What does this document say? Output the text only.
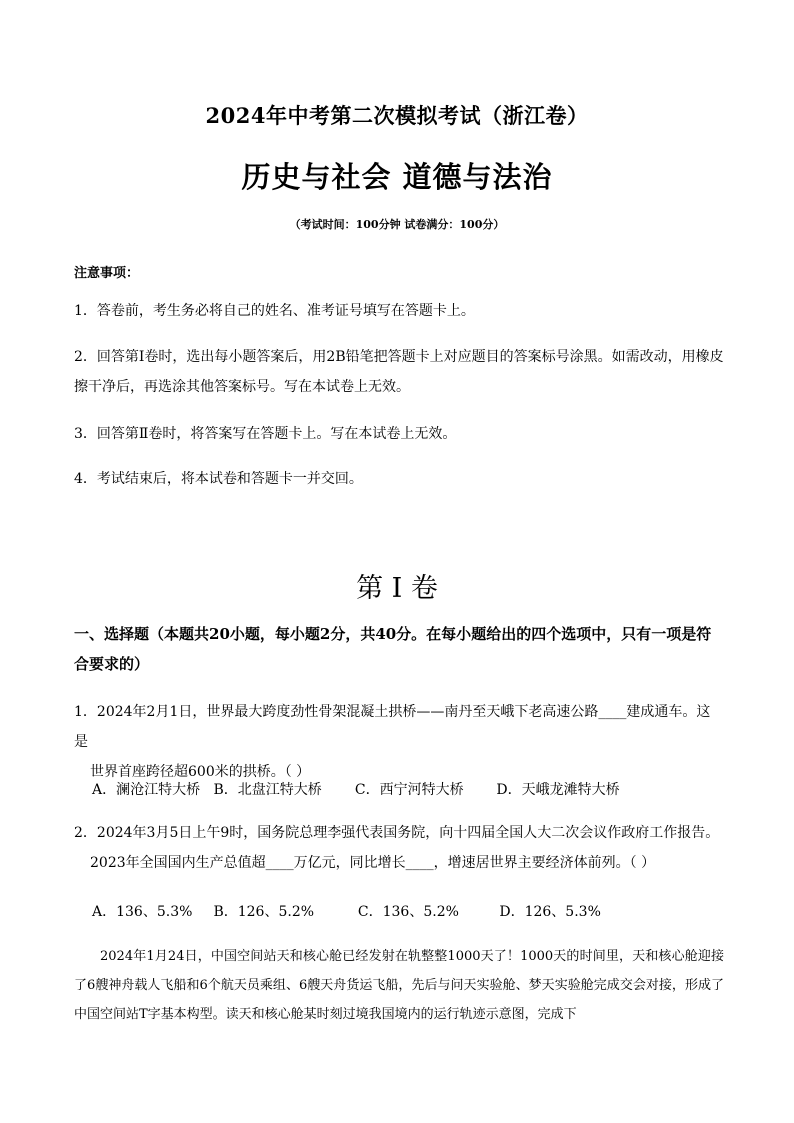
2024年中考第二次模拟考试（浙江卷）
历史与社会 道德与法治
（考试时间：100分钟 试卷满分：100分）
注意事项：
1．答卷前，考生务必将自己的姓名、准考证号填写在答题卡上。
2．回答第Ⅰ卷时，选出每小题答案后，用2B铅笔把答题卡上对应题目的答案标号涂黑。如需改动，用橡皮擦干净后，再选涂其他答案标号。写在本试卷上无效。
3．回答第Ⅱ卷时，将答案写在答题卡上。写在本试卷上无效。
4．考试结束后，将本试卷和答题卡一并交回。
第 I 卷
一、选择题（本题共20小题，每小题2分，共40分。在每小题给出的四个选项中，只有一项是符合要求的）
1．2024年2月1日，世界最大跨度劲性骨架混凝土拱桥——南丹至天峨下老高速公路____建成通车。这是
世界首座跨径超600米的拱桥。（ ）
A．澜沧江特大桥 B．北盘江特大桥 C．西宁河特大桥 D．天峨龙滩特大桥
2．2024年3月5日上午9时，国务院总理李强代表国务院，向十四届全国人大二次会议作政府工作报告。
2023年全国国内生产总值超____万亿元，同比增长____，增速居世界主要经济体前列。（ ）
A．136、5.3% B．126、5.2%	C．136、5.2%	D．126、5.3%
2024年1月24日，中国空间站天和核心舱已经发射在轨整整1000天了！1000天的时间里，天和核心舱迎接了6艘神舟载人飞船和6个航天员乘组、6艘天舟货运飞船，先后与问天实验舱、梦天实验舱完成交会对接，形成了中国空间站T字基本构型。读天和核心舱某时刻过境我国境内的运行轨迹示意图，完成下
